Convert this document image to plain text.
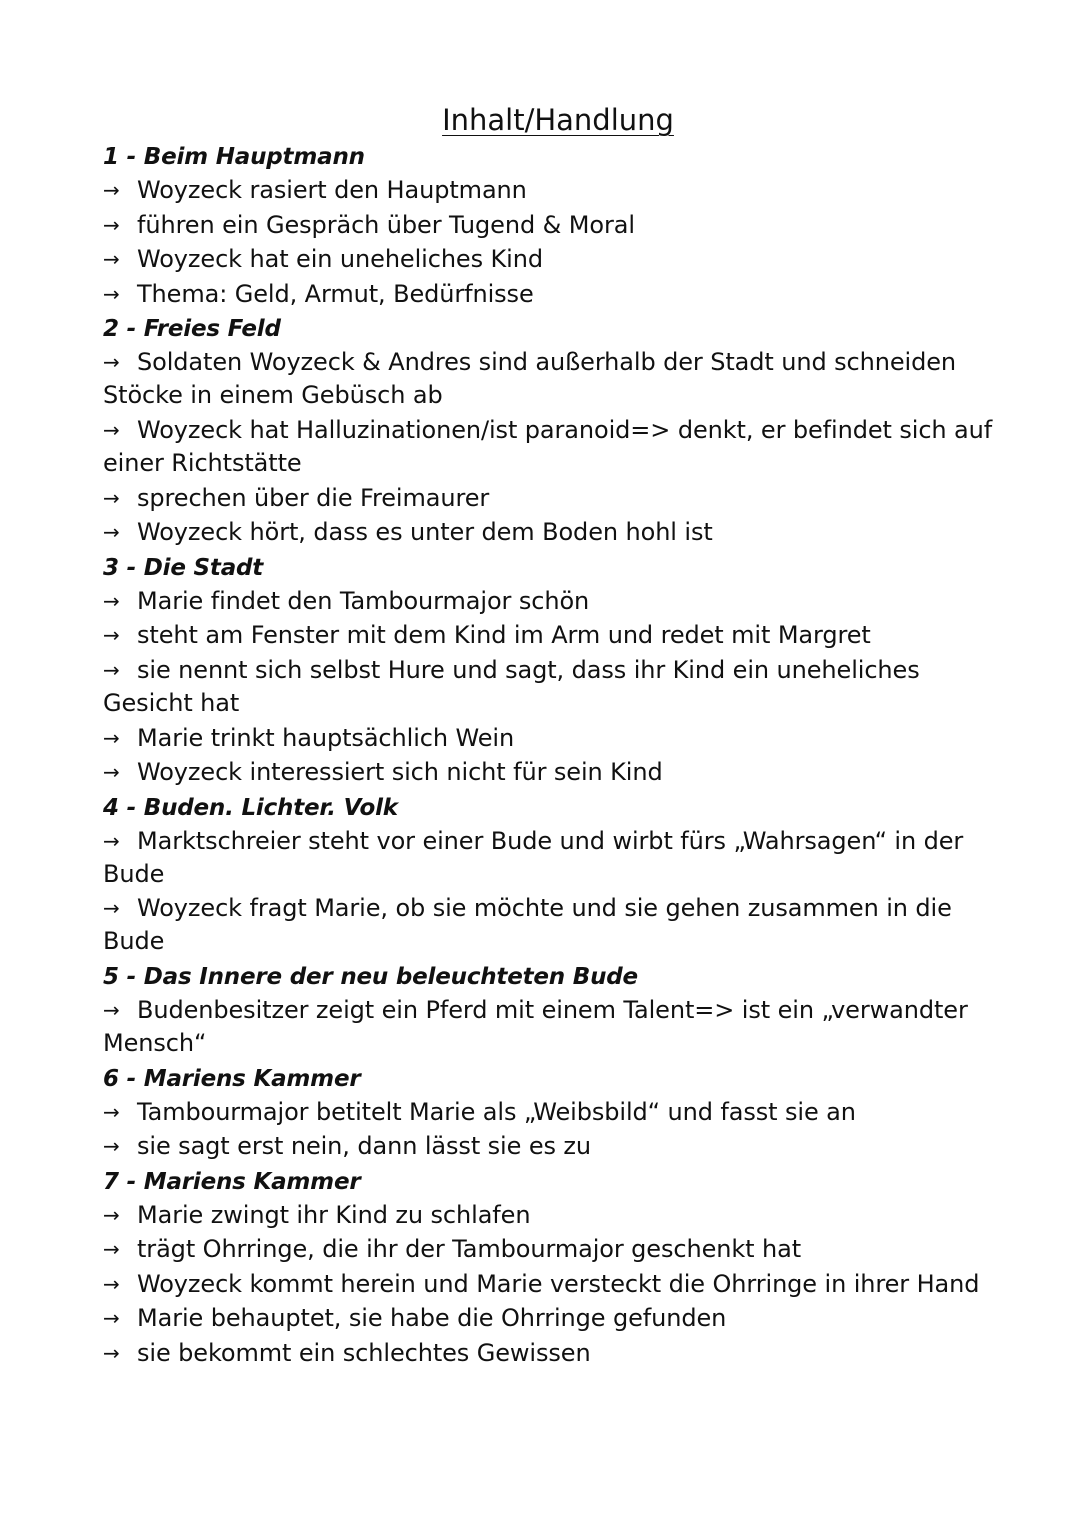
Inhalt/Handlung

1 - Beim Hauptmann

→ Woyzeck rasiert den Hauptmann

→ führen ein Gespräch über Tugend & Moral

→ Woyzeck hat ein uneheliches Kind

→ Thema: Geld, Armut, Bedürfnisse

2 - Freies Feld

→ Soldaten Woyzeck & Andres sind außerhalb der Stadt und schneiden Stöcke in einem Gebüsch ab

→ Woyzeck hat Halluzinationen/ist paranoid=> denkt, er befindet sich auf einer Richtstätte

→ sprechen über die Freimaurer

→ Woyzeck hört, dass es unter dem Boden hohl ist

3 - Die Stadt

→ Marie findet den Tambourmajor schön

→ steht am Fenster mit dem Kind im Arm und redet mit Margret

→ sie nennt sich selbst Hure und sagt, dass ihr Kind ein uneheliches Gesicht hat

→ Marie trinkt hauptsächlich Wein

→ Woyzeck interessiert sich nicht für sein Kind

4 - Buden. Lichter. Volk

→ Marktschreier steht vor einer Bude und wirbt fürs „Wahrsagen“ in der Bude

→ Woyzeck fragt Marie, ob sie möchte und sie gehen zusammen in die Bude

5 - Das Innere der neu beleuchteten Bude

→ Budenbesitzer zeigt ein Pferd mit einem Talent=> ist ein „verwandter Mensch“

6 - Mariens Kammer

→ Tambourmajor betitelt Marie als „Weibsbild“ und fasst sie an

→ sie sagt erst nein, dann lässt sie es zu

7 - Mariens Kammer

→ Marie zwingt ihr Kind zu schlafen

→ trägt Ohrringe, die ihr der Tambourmajor geschenkt hat

→ Woyzeck kommt herein und Marie versteckt die Ohrringe in ihrer Hand

→ Marie behauptet, sie habe die Ohrringe gefunden

→ sie bekommt ein schlechtes Gewissen
